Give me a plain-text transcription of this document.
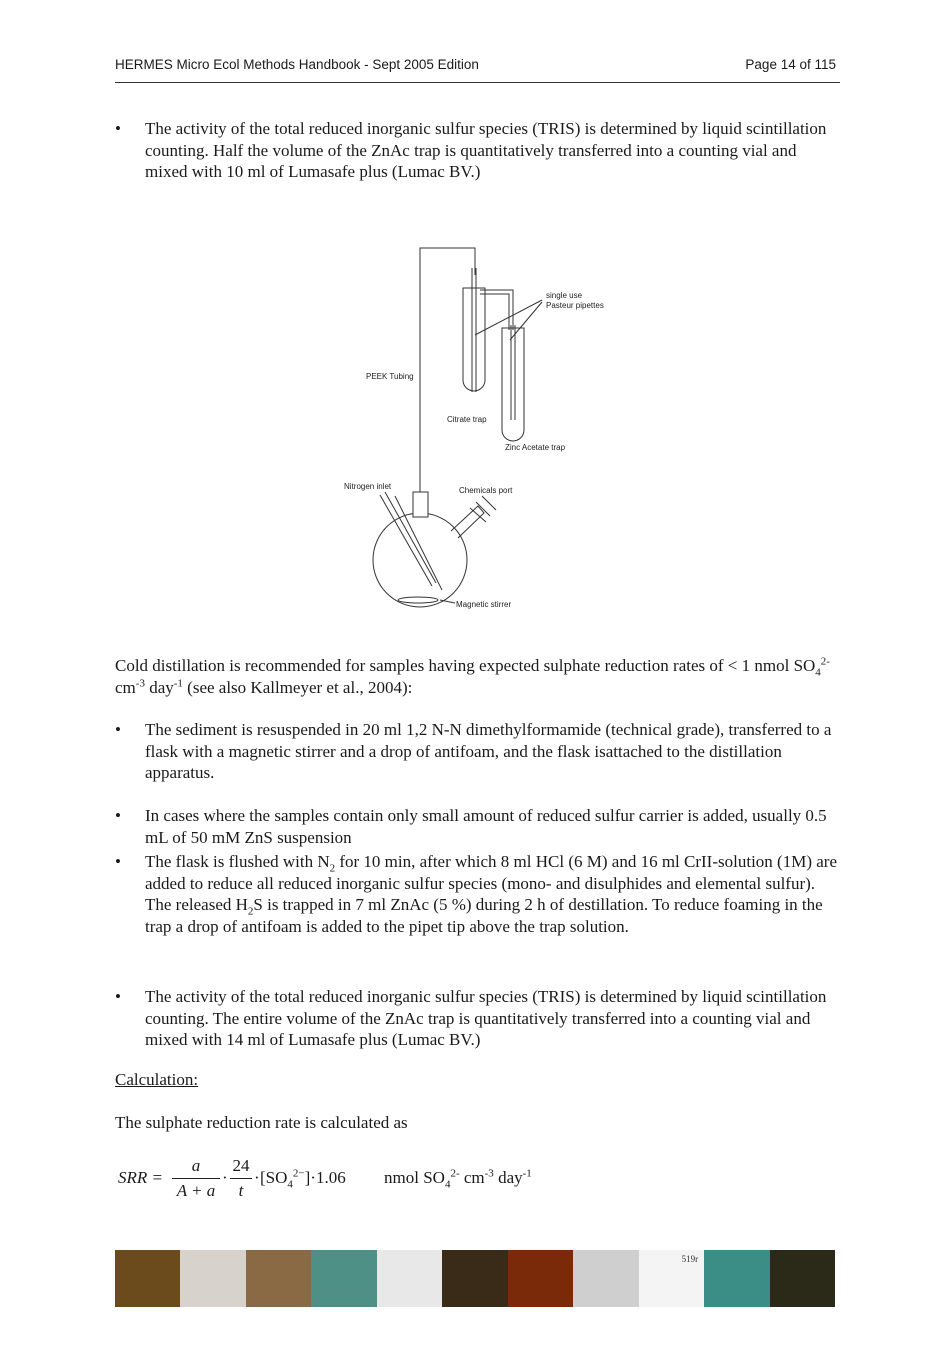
HERMES Micro Ecol Methods Handbook - Sept 2005 Edition	Page 14 of 115
•	The activity of the total reduced inorganic sulfur species (TRIS) is determined by liquid scintillation counting. Half the volume of the ZnAc trap is quantitatively transferred into a counting vial and mixed with 10 ml of Lumasafe plus (Lumac BV.)
single use
Pasteur pipettes
PEEK Tubing
Citrate trap
Zinc Acetate trap
Nitrogen inlet	Chemicals port
Magnetic stirrer
Cold distillation is recommended for samples having expected sulphate reduction rates of < 1 nmol $SO_4^{2-}$ $cm^{-3}$ day$^{-1}$ (see also Kallmeyer et al., 2004):
•	The sediment is resuspended in 20 ml 1,2 N-N dimethylformamide (technical grade), transferred to a flask with a magnetic stirrer and a drop of antifoam, and the flask isattached to the distillation apparatus.
•	In cases where the samples contain only small amount of reduced sulfur carrier is added, usually 0.5 mL of 50 mM ZnS suspension
•	The flask is flushed with $N_2$ for 10 min, after which 8 ml HCl (6 M) and 16 ml CrII-solution (1M) are added to reduce all reduced inorganic sulfur species (mono- and disulphides and elemental sulfur). The released $H_2S$ is trapped in 7 ml ZnAc (5 %) during 2 h of destillation. To reduce foaming in the trap a drop of antifoam is added to the pipet tip above the trap solution.
•	The activity of the total reduced inorganic sulfur species (TRIS) is determined by liquid scintillation counting. The entire volume of the ZnAc trap is quantitatively transferred into a counting vial and mixed with 14 ml of Lumasafe plus (Lumac BV.)
Calculation:
The sulphate reduction rate is calculated as
SRR =
a
A + a
·
24
t
· $[SO_4^{2-}]\cdot 1.06$ nmol $SO_4^{2-}$ $cm^{-3}$ day$^{-1}$
519r
